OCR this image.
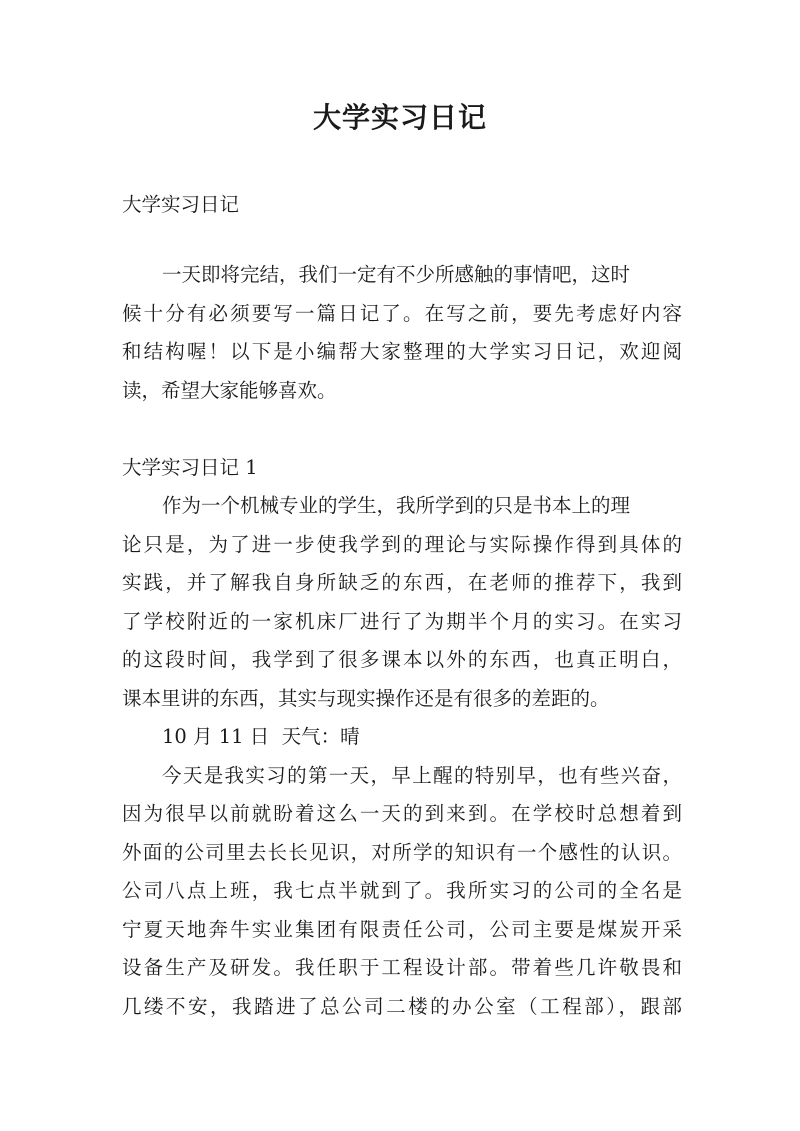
大学实习日记

大学实习日记

一天即将完结，我们一定有不少所感触的事情吧，这时

候十分有必须要写一篇日记了。在写之前，要先考虑好内容

和结构喔！以下是小编帮大家整理的大学实习日记，欢迎阅

读，希望大家能够喜欢。

大学实习日记 1

作为一个机械专业的学生，我所学到的只是书本上的理

论只是，为了进一步使我学到的理论与实际操作得到具体的

实践，并了解我自身所缺乏的东西，在老师的推荐下，我到

了学校附近的一家机床厂进行了为期半个月的实习。在实习

的这段时间，我学到了很多课本以外的东西，也真正明白，

课本里讲的东西，其实与现实操作还是有很多的差距的。

10 月 11 日  天气：晴

今天是我实习的第一天，早上醒的特别早，也有些兴奋，

因为很早以前就盼着这么一天的到来到。在学校时总想着到

外面的公司里去长长见识，对所学的知识有一个感性的认识。

公司八点上班，我七点半就到了。我所实习的公司的全名是

宁夏天地奔牛实业集团有限责任公司，公司主要是煤炭开采

设备生产及研发。我任职于工程设计部。带着些几许敬畏和

几缕不安，我踏进了总公司二楼的办公室（工程部），跟部
